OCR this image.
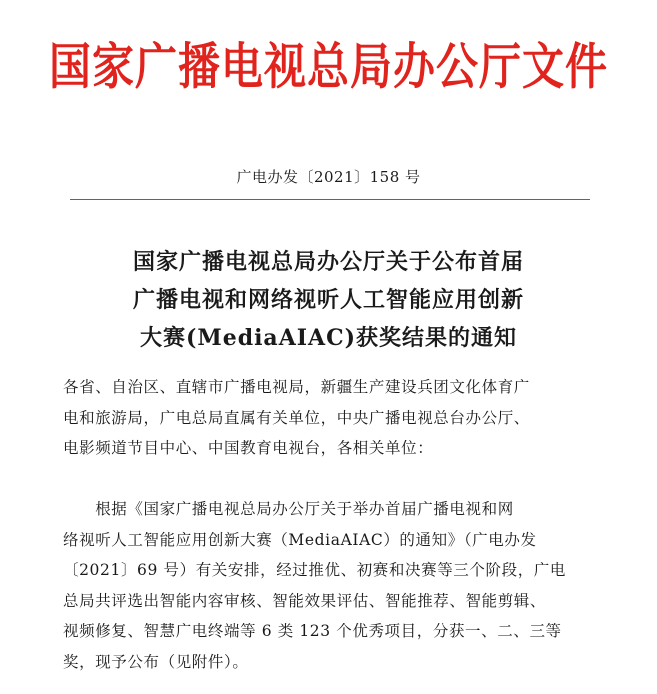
国家广播电视总局办公厅文件
广电办发〔2021〕158 号
国家广播电视总局办公厅关于公布首届
广播电视和网络视听人工智能应用创新
大赛(MediaAIAC)获奖结果的通知
各省、自治区、直辖市广播电视局，新疆生产建设兵团文化体育广
电和旅游局，广电总局直属有关单位，中央广播电视总台办公厅、
电影频道节目中心、中国教育电视台，各相关单位：
　　根据《国家广播电视总局办公厅关于举办首届广播电视和网
络视听人工智能应用创新大赛（MediaAIAC）的通知》（广电办发
〔2021〕69 号）有关安排，经过推优、初赛和决赛等三个阶段，广电
总局共评选出智能内容审核、智能效果评估、智能推荐、智能剪辑、
视频修复、智慧广电终端等 6 类 123 个优秀项目，分获一、二、三等
奖，现予公布（见附件）。
